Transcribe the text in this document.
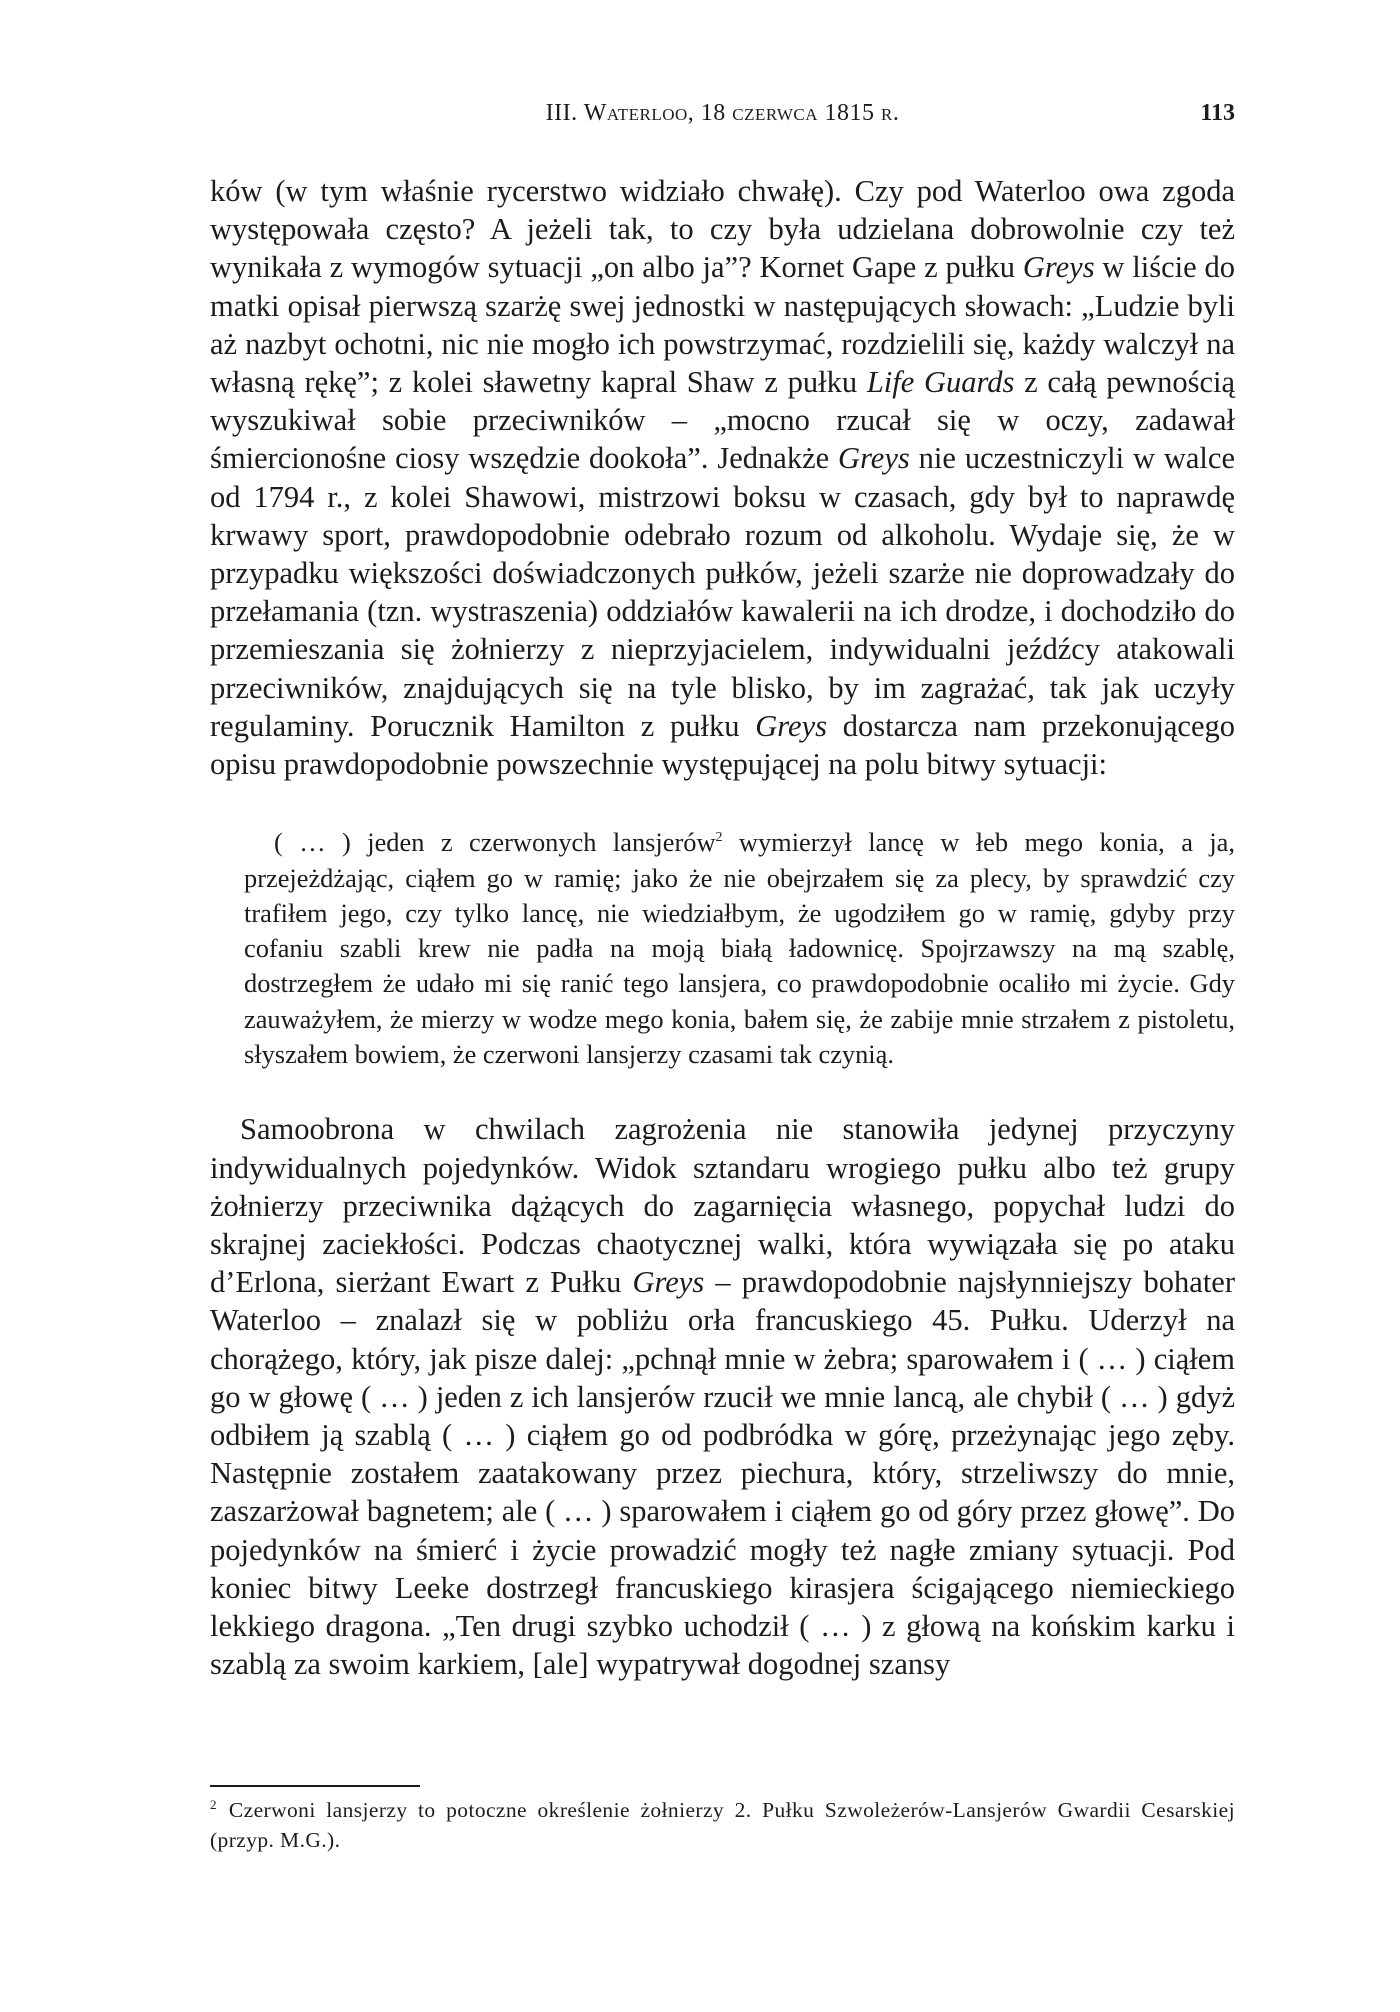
III. Waterloo, 18 czerwca 1815 r.	113

ków (w tym właśnie rycerstwo widziało chwałę). Czy pod Waterloo owa zgoda występowała często? A jeżeli tak, to czy była udzielana dobrowolnie czy też wynikała z wymogów sytuacji „on albo ja”? Kornet Gape z pułku Greys w liście do matki opisał pierwszą szarżę swej jednostki w następujących słowach: „Ludzie byli aż nazbyt ochotni, nic nie mogło ich powstrzymać, rozdzielili się, każdy walczył na własną rękę”; z kolei sławetny kapral Shaw z pułku Life Guards z całą pewnością wyszukiwał sobie przeciwników – „mocno rzucał się w oczy, zadawał śmiercionośne ciosy wszędzie dookoła”. Jednakże Greys nie uczestniczyli w walce od 1794 r., z kolei Shawowi, mistrzowi boksu w czasach, gdy był to naprawdę krwawy sport, prawdopodobnie odebrało rozum od alkoholu. Wydaje się, że w przypadku większości doświadczonych pułków, jeżeli szarże nie doprowadzały do przełamania (tzn. wystraszenia) oddziałów kawalerii na ich drodze, i dochodziło do przemieszania się żołnierzy z nieprzyjacielem, indywidualni jeźdźcy atakowali przeciwników, znajdujących się na tyle blisko, by im zagrażać, tak jak uczyły regulaminy. Porucznik Hamilton z pułku Greys dostarcza nam przekonującego opisu prawdopodobnie powszechnie występującej na polu bitwy sytuacji:

( … ) jeden z czerwonych lansjerów$^2$ wymierzył lancę w łeb mego konia, a ja, przejeżdżając, ciąłem go w ramię; jako że nie obejrzałem się za plecy, by sprawdzić czy trafiłem jego, czy tylko lancę, nie wiedziałbym, że ugodziłem go w ramię, gdyby przy cofaniu szabli krew nie padła na moją białą ładownicę. Spojrzawszy na mą szablę, dostrzegłem że udało mi się ranić tego lansjera, co prawdopodobnie ocaliło mi życie. Gdy zauważyłem, że mierzy w wodze mego konia, bałem się, że zabije mnie strzałem z pistoletu, słyszałem bowiem, że czerwoni lansjerzy czasami tak czynią.

Samoobrona w chwilach zagrożenia nie stanowiła jedynej przyczyny indywidualnych pojedynków. Widok sztandaru wrogiego pułku albo też grupy żołnierzy przeciwnika dążących do zagarnięcia własnego, popychał ludzi do skrajnej zaciekłości. Podczas chaotycznej walki, która wywiązała się po ataku d’Erlona, sierżant Ewart z Pułku Greys – prawdopodobnie najsłynniejszy bohater Waterloo – znalazł się w pobliżu orła francuskiego 45. Pułku. Uderzył na chorążego, który, jak pisze dalej: „pchnął mnie w żebra; sparowałem i ( … ) ciąłem go w głowę ( … ) jeden z ich lansjerów rzucił we mnie lancą, ale chybił ( … ) gdyż odbiłem ją szablą ( … ) ciąłem go od podbródka w górę, przeżynając jego zęby. Następnie zostałem zaatakowany przez piechura, który, strzeliwszy do mnie, zaszarżował bagnetem; ale ( … ) sparowałem i ciąłem go od góry przez głowę”. Do pojedynków na śmierć i życie prowadzić mogły też nagłe zmiany sytuacji. Pod koniec bitwy Leeke dostrzegł francuskiego kirasjera ścigającego niemieckiego lekkiego dragona. „Ten drugi szybko uchodził ( … ) z głową na końskim karku i szablą za swoim karkiem, [ale] wypatrywał dogodnej szansy

$^2$ Czerwoni lansjerzy to potoczne określenie żołnierzy 2. Pułku Szwoleżerów-Lansjerów Gwardii Cesarskiej (przyp. M.G.).
